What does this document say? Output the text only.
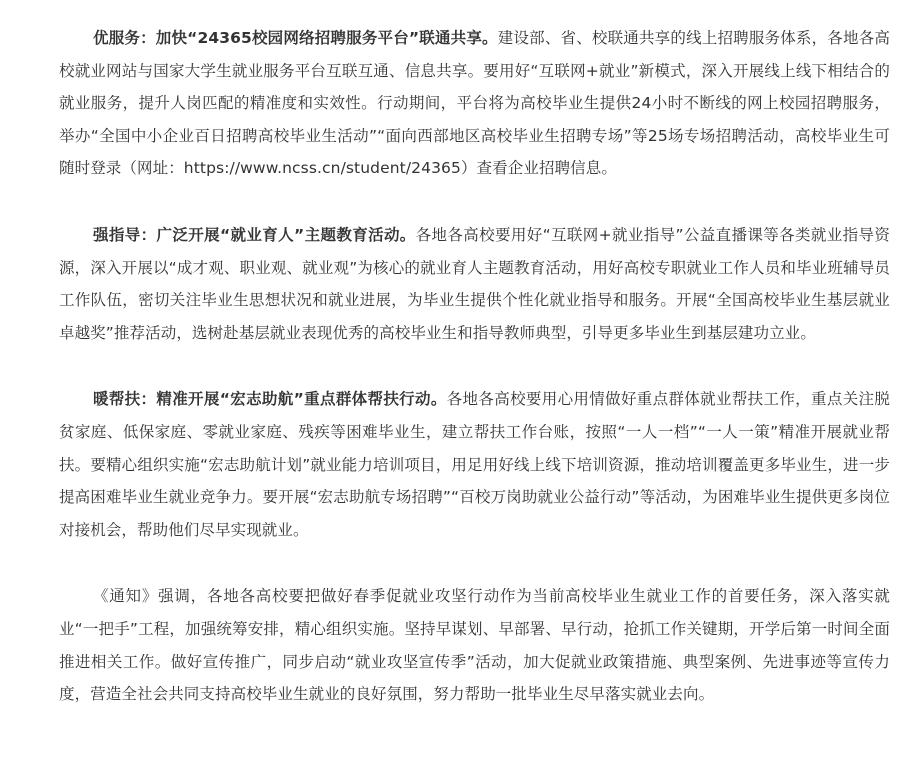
优服务：加快“24365校园网络招聘服务平台”联通共享。建设部、省、校联通共享的线上招聘服务体系，各地各高校就业网站与国家大学生就业服务平台互联互通、信息共享。要用好“互联网+就业”新模式，深入开展线上线下相结合的就业服务，提升人岗匹配的精准度和实效性。行动期间，平台将为高校毕业生提供24小时不断线的网上校园招聘服务，举办“全国中小企业百日招聘高校毕业生活动”“面向西部地区高校毕业生招聘专场”等25场专场招聘活动，高校毕业生可随时登录（网址：https://www.ncss.cn/student/24365）查看企业招聘信息。

强指导：广泛开展“就业育人”主题教育活动。各地各高校要用好“互联网+就业指导”公益直播课等各类就业指导资源，深入开展以“成才观、职业观、就业观”为核心的就业育人主题教育活动，用好高校专职就业工作人员和毕业班辅导员工作队伍，密切关注毕业生思想状况和就业进展，为毕业生提供个性化就业指导和服务。开展“全国高校毕业生基层就业卓越奖”推荐活动，选树赴基层就业表现优秀的高校毕业生和指导教师典型，引导更多毕业生到基层建功立业。

暖帮扶：精准开展“宏志助航”重点群体帮扶行动。各地各高校要用心用情做好重点群体就业帮扶工作，重点关注脱贫家庭、低保家庭、零就业家庭、残疾等困难毕业生，建立帮扶工作台账，按照“一人一档”“一人一策”精准开展就业帮扶。要精心组织实施“宏志助航计划”就业能力培训项目，用足用好线上线下培训资源，推动培训覆盖更多毕业生，进一步提高困难毕业生就业竞争力。要开展“宏志助航专场招聘”“百校万岗助就业公益行动”等活动，为困难毕业生提供更多岗位对接机会，帮助他们尽早实现就业。

《通知》强调，各地各高校要把做好春季促就业攻坚行动作为当前高校毕业生就业工作的首要任务，深入落实就业“一把手”工程，加强统筹安排，精心组织实施。坚持早谋划、早部署、早行动，抢抓工作关键期，开学后第一时间全面推进相关工作。做好宣传推广，同步启动“就业攻坚宣传季”活动，加大促就业政策措施、典型案例、先进事迹等宣传力度，营造全社会共同支持高校毕业生就业的良好氛围，努力帮助一批毕业生尽早落实就业去向。
